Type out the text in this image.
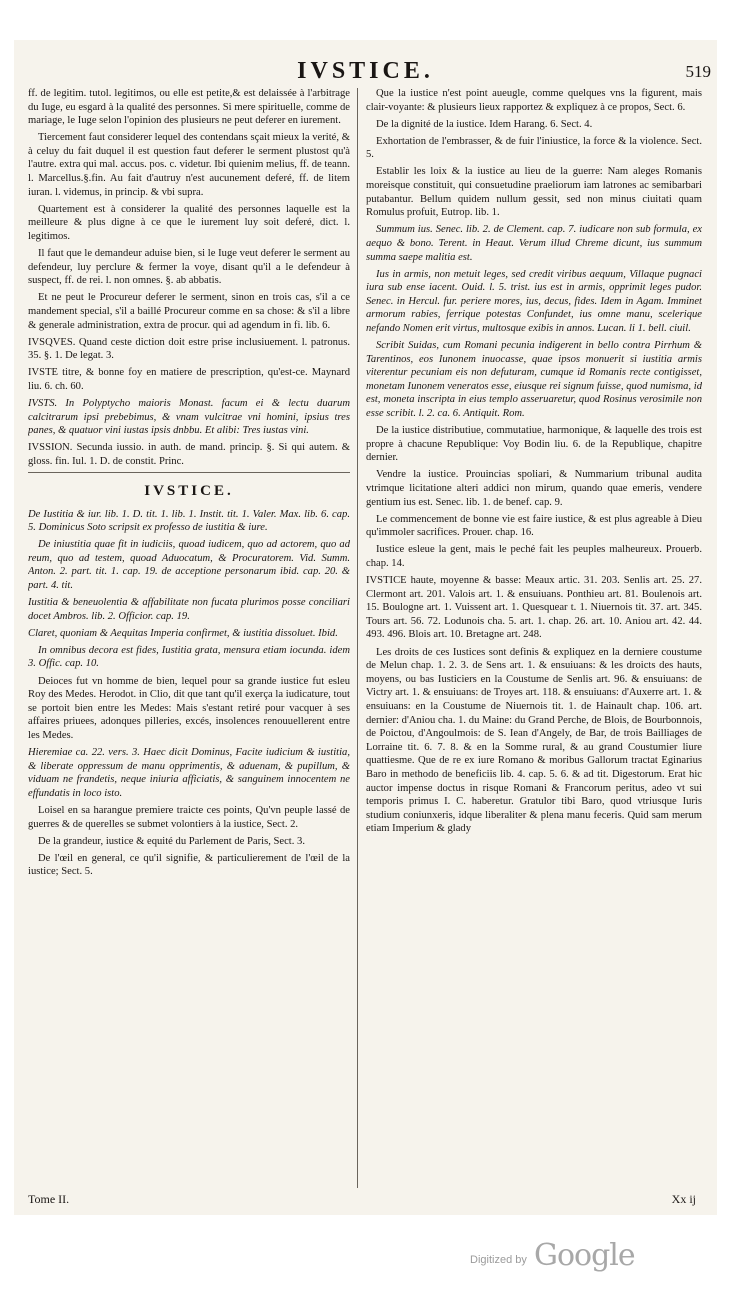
IVSTICE.	519
ff. de legitim. tutol. legitimos, ou elle est petite,& est delaissée à l'arbitrage du Iuge, eu esgard à la qualité des personnes. Si mere spirituelle, comme de mariage, le Iuge selon l'opinion des plusieurs ne peut deferer en iurement.
Tiercement faut considerer lequel des contendans sçait mieux la verité, & à celuy du fait duquel il est question faut deferer le serment plustost qu'à l'autre. extra qui mal. accus. pos. c. videtur. Ibi quienim melius, ff. de teann. l. Marcellus.§.fin. Au fait d'autruy n'est aucunement deferé, ff. de litem iuran. l. videmus, in princip. & vbi supra.
Quartement est à considerer la qualité des personnes laquelle est la meilleure & plus digne à ce que le iurement luy soit deferé, dict. l. legitimos.
Il faut que le demandeur aduise bien, si le Iuge veut deferer le serment au defendeur, luy perclure & fermer la voye, disant qu'il a le defendeur à suspect, ff. de rei. l. non omnes. §. ab abbatis.
Et ne peut le Procureur deferer le serment, sinon en trois cas, s'il a ce mandement special, s'il a baillé Procureur comme en sa chose: & s'il a libre & generale administration, extra de procur. qui ad agendum in fi. lib. 6.
IVSQVES. Quand ceste diction doit estre prise inclusiuement. l. patronus. 35. §. 1. De legat. 3.
IVSTE titre, & bonne foy en matiere de prescription, qu'est-ce. Maynard liu. 6. ch. 60.
IVSTS. In Polyptycho maioris Monast. facum ei & lectu duarum calcitrarum ipsi prebebimus, & vnam vulcitrae vni homini, ipsius tres panes, & quatuor vini iustas ipsis dnbbu. Et alibi: Tres iustas vini.
IVSSION. Secunda iussio. in auth. de mand. princip. §. Si qui autem. & gloss. fin. Iul. 1. D. de constit. Princ.
IVSTICE.
De Iustitia & iur. lib. 1. D. tit. 1. lib. 1. Instit. tit. 1. Valer. Max. lib. 6. cap. 5. Dominicus Soto scripsit ex professo de iustitia & iure.
De iniustitia quae fit in iudiciis, quoad iudicem, quo ad actorem, quo ad reum, quo ad testem, quoad Aduocatum, & Procuratorem. Vid. Summ. Anton. 2. part. tit. 1. cap. 19. de acceptione personarum ibid. cap. 20. & part. 4. tit.
Iustitia & beneuolentia & affabilitate non fucata plurimos posse conciliari docet Ambros. lib. 2. Officior. cap. 19.
Claret, quoniam & Aequitas Imperia confirmet, & iustitia dissoluet. Ibid.
In omnibus decora est fides, Iustitia grata, mensura etiam iocunda. idem 3. Offic. cap. 10.
Deioces fut vn homme de bien, lequel pour sa grande iustice fut esleu Roy des Medes. Herodot. in Clio, dit que tant qu'il exerça la iudicature, tout se portoit bien entre les Medes: Mais s'estant retiré pour vacquer à ses affaires priuees, adonques pilleries, excés, insolences renouuellerent entre les Medes.
Hieremiae ca. 22. vers. 3. Haec dicit Dominus, Facite iudicium & iustitia, & liberate oppressum de manu opprimentis, & aduenam, & pupillum, & viduam ne frandetis, neque iniuria afficiatis, & sanguinem innocentem ne effundatis in loco isto.
Loisel en sa harangue premiere traicte ces points, Qu'vn peuple lassé de guerres & de querelles se submet volontiers à la iustice, Sect. 2.
De la grandeur, iustice & equité du Parlement de Paris, Sect. 3.
De l'œil en general, ce qu'il signifie, & particulierement de l'œil de la iustice; Sect. 5.
Que la iustice n'est point aueugle, comme quelques vns la figurent, mais clair-voyante: & plusieurs lieux rapportez & expliquez à ce propos, Sect. 6.
De la dignité de la iustice. Idem Harang. 6. Sect. 4.
Exhortation de l'embrasser, & de fuir l'iniustice, la force & la violence. Sect. 5.
Establir les loix & la iustice au lieu de la guerre: Nam aleges Romanis moreisque constituit, qui consuetudine praeliorum iam latrones ac semibarbari putabantur. Bellum quidem nullum gessit, sed non minus ciuitati quam Romulus profuit, Eutrop. lib. 1.
Summum ius. Senec. lib. 2. de Clement. cap. 7. iudicare non sub formula, ex aequo & bono. Terent. in Heaut. Verum illud Chreme dicunt, ius summum summa saepe malitia est.
Ius in armis, non metuit leges, sed credit viribus aequum, Villaque pugnaci iura sub ense iacent. Ouid. l. 5. trist. ius est in armis, opprimit leges pudor. Senec. in Hercul. fur. periere mores, ius, decus, fides. Idem in Agam. Imminet armorum rabies, ferrique potestas Confundet, ius omne manu, scelerique nefando Nomen erit virtus, multosque exibis in annos. Lucan. li 1. bell. ciuil.
Scribit Suidas, cum Romani pecunia indigerent in bello contra Pirrhum & Tarentinos, eos Iunonem inuocasse, quae ipsos monuerit si iustitia armis viterentur pecuniam eis non defuturam, cumque id Romanis recte contigisset, monetam Iunonem veneratos esse, eiusque rei signum fuisse, quod numisma, id est, moneta inscripta in eius templo asseruaretur, quod Rosinus verosimile non esse scribit. l. 2. ca. 6. Antiquit. Rom.
De la iustice distributiue, commutatiue, harmonique, & laquelle des trois est propre à chacune Republique: Voy Bodin liu. 6. de la Republique, chapitre dernier.
Vendre la iustice. Prouincias spoliari, & Nummarium tribunal audita vtrimque licitatione alteri addici non mirum, quando quae emeris, vendere gentium ius est. Senec. lib. 1. de benef. cap. 9.
Le commencement de bonne vie est faire iustice, & est plus agreable à Dieu qu'immoler sacrifices. Prouer. chap. 16.
Iustice esleue la gent, mais le peché fait les peuples malheureux. Prouerb. chap. 14.
IVSTICE haute, moyenne & basse: Meaux artic. 31. 203. Senlis art. 25. 27. Clermont art. 201. Valois art. 1. & ensuiuans. Ponthieu art. 81. Boulenois art. 15. Boulogne art. 1. Vuissent art. 1. Quesquear t. 1. Niuernois tit. 37. art. 345. Tours art. 56. 72. Lodunois cha. 5. art. 1. chap. 26. art. 10. Aniou art. 42. 44. 493. 496. Blois art. 10. Bretagne art. 248.
Les droits de ces Iustices sont definis & expliquez en la derniere coustume de Melun chap. 1. 2. 3. de Sens art. 1. & ensuiuans: & les droicts des hauts, moyens, ou bas Iusticiers en la Coustume de Senlis art. 96. & ensuiuans: de Victry art. 1. & ensuiuans: de Troyes art. 118. & ensuiuans: d'Auxerre art. 1. & ensuiuans: en la Coustume de Niuernois tit. 1. de Hainault chap. 106. art. dernier: d'Aniou cha. 1. du Maine: du Grand Perche, de Blois, de Bourbonnois, de Poictou, d'Angoulmois: de S. Iean d'Angely, de Bar, de trois Bailliages de Lorraine tit. 6. 7. 8. & en la Somme rural, & au grand Coustumier liure quattiesme. Que de re ex iure Romano & moribus Gallorum tractat Eginarius Baro in methodo de beneficiis lib. 4. cap. 5. 6. & ad tit. Digestorum. Erat hic auctor impense doctus in risque Romani & Francorum peritus, adeo vt sui temporis primus I. C. haberetur. Gratulor tibi Baro, quod vtriusque Iuris studium coniunxeris, idque liberaliter & plena manu feceris. Quid sam merum etiam Imperium & glady
Tome II.	Xx ij
Digitized by Google
